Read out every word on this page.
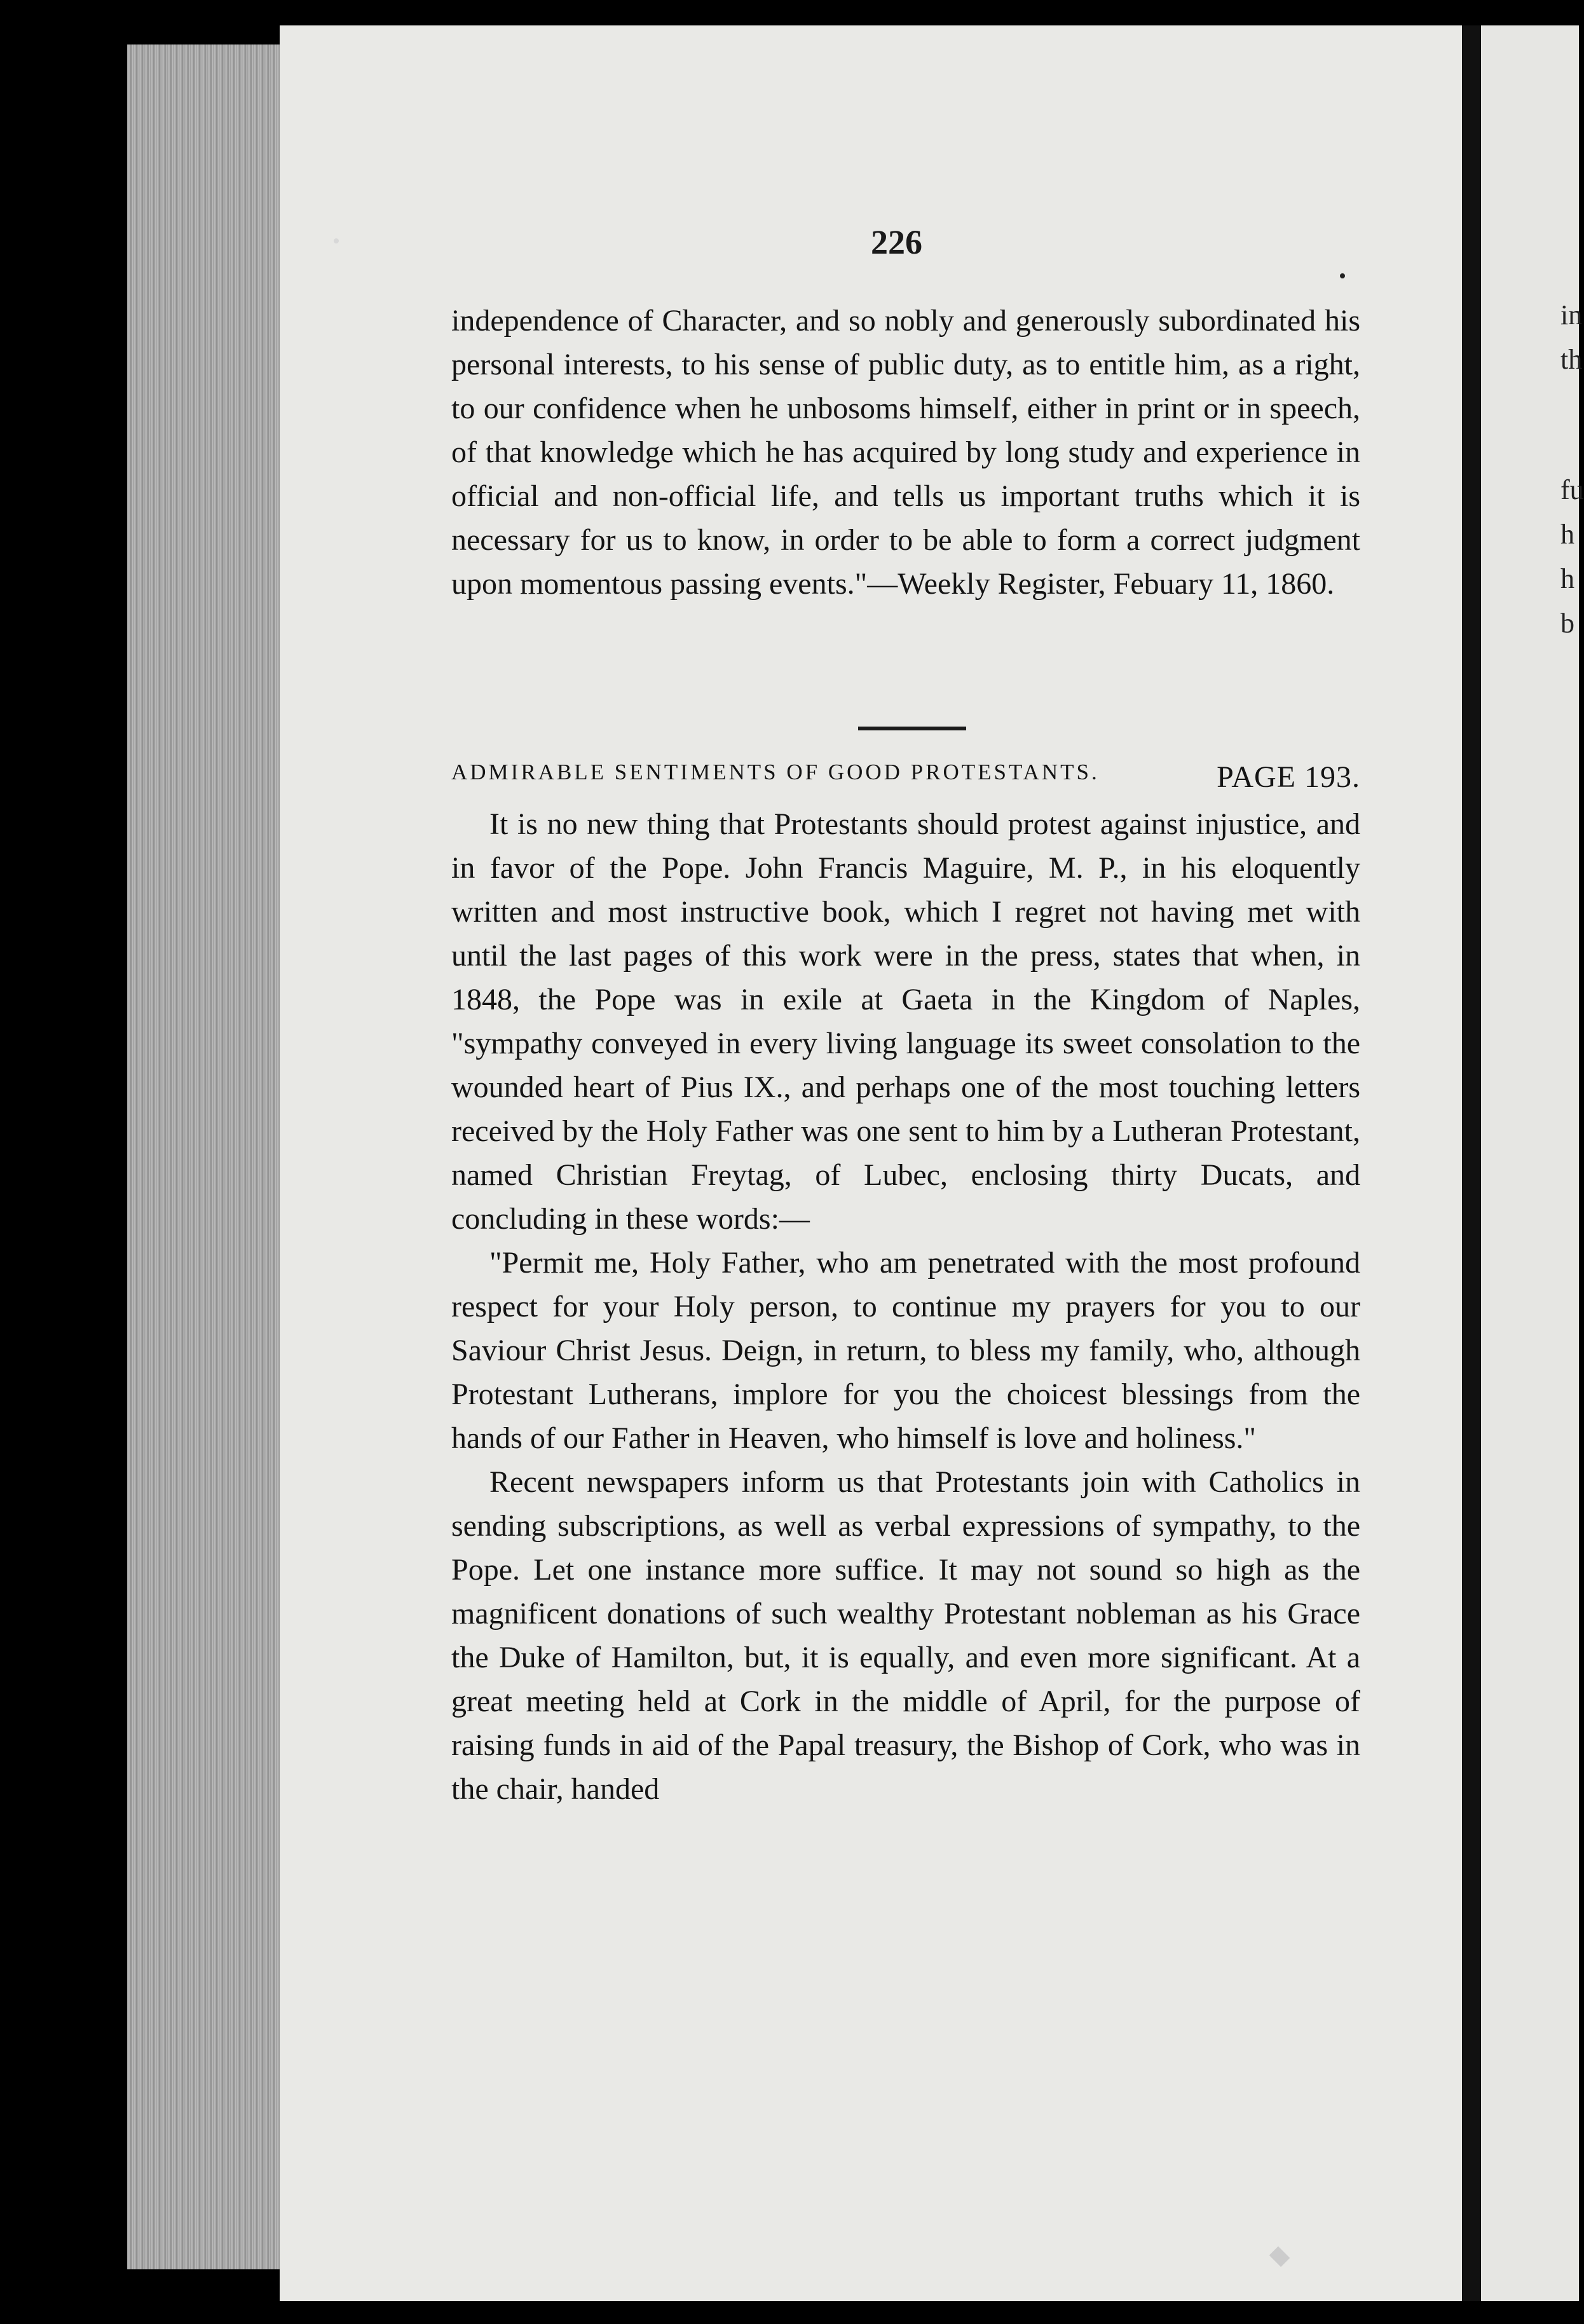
in
th
fu
h
h
b
226
independence of Character, and so nobly and generously subordinated his personal interests, to his sense of public duty, as to entitle him, as a right, to our confidence when he unbosoms himself, either in print or in speech, of that knowledge which he has acquired by long study and experience in official and non-official life, and tells us important truths which it is necessary for us to know, in order to be able to form a correct judgment upon momentous passing events."—Weekly Register, Febuary 11, 1860.
ADMIRABLE SENTIMENTS OF GOOD PROTESTANTS.	PAGE 193.

It is no new thing that Protestants should protest against injustice, and in favor of the Pope. John Francis Maguire, M. P., in his eloquently written and most instructive book, which I regret not having met with until the last pages of this work were in the press, states that when, in 1848, the Pope was in exile at Gaeta in the Kingdom of Naples, "sympathy conveyed in every living language its sweet consolation to the wounded heart of Pius IX., and perhaps one of the most touching letters received by the Holy Father was one sent to him by a Lutheran Protestant, named Christian Freytag, of Lubec, enclosing thirty Ducats, and concluding in these words:—

"Permit me, Holy Father, who am penetrated with the most profound respect for your Holy person, to continue my prayers for you to our Saviour Christ Jesus. Deign, in return, to bless my family, who, although Protestant Lutherans, implore for you the choicest blessings from the hands of our Father in Heaven, who himself is love and holiness."

Recent newspapers inform us that Protestants join with Catholics in sending subscriptions, as well as verbal expressions of sympathy, to the Pope. Let one instance more suffice. It may not sound so high as the magnificent donations of such wealthy Protestant nobleman as his Grace the Duke of Hamilton, but, it is equally, and even more significant. At a great meeting held at Cork in the middle of April, for the purpose of raising funds in aid of the Papal treasury, the Bishop of Cork, who was in the chair, handed
